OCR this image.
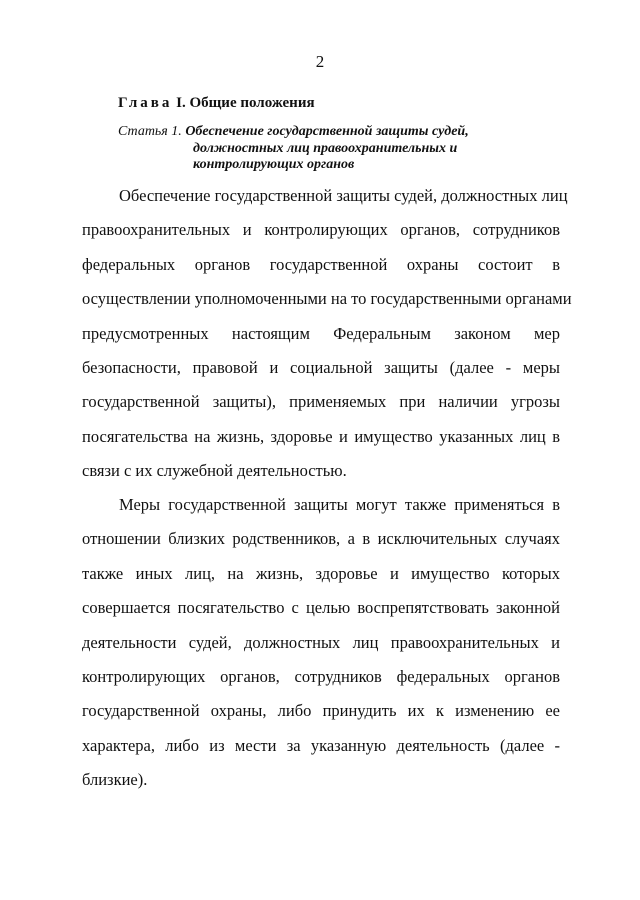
2
Глава I. Общие положения
Статья 1. Обеспечение государственной защиты судей,
должностных лиц правоохранительных и
контролирующих органов
Обеспечение государственной защиты судей, должностных лиц
правоохранительных и контролирующих органов, сотрудников
федеральных органов государственной охраны состоит в
осуществлении уполномоченными на то государственными органами
предусмотренных настоящим Федеральным законом мер
безопасности, правовой и социальной защиты (далее - меры
государственной защиты), применяемых при наличии угрозы
посягательства на жизнь, здоровье и имущество указанных лиц в
связи с их служебной деятельностью.
Меры государственной защиты могут также применяться в
отношении близких родственников, а в исключительных случаях
также иных лиц, на жизнь, здоровье и имущество которых
совершается посягательство с целью воспрепятствовать законной
деятельности судей, должностных лиц правоохранительных и
контролирующих органов, сотрудников федеральных органов
государственной охраны, либо принудить их к изменению ее
характера, либо из мести за указанную деятельность (далее -
близкие).
